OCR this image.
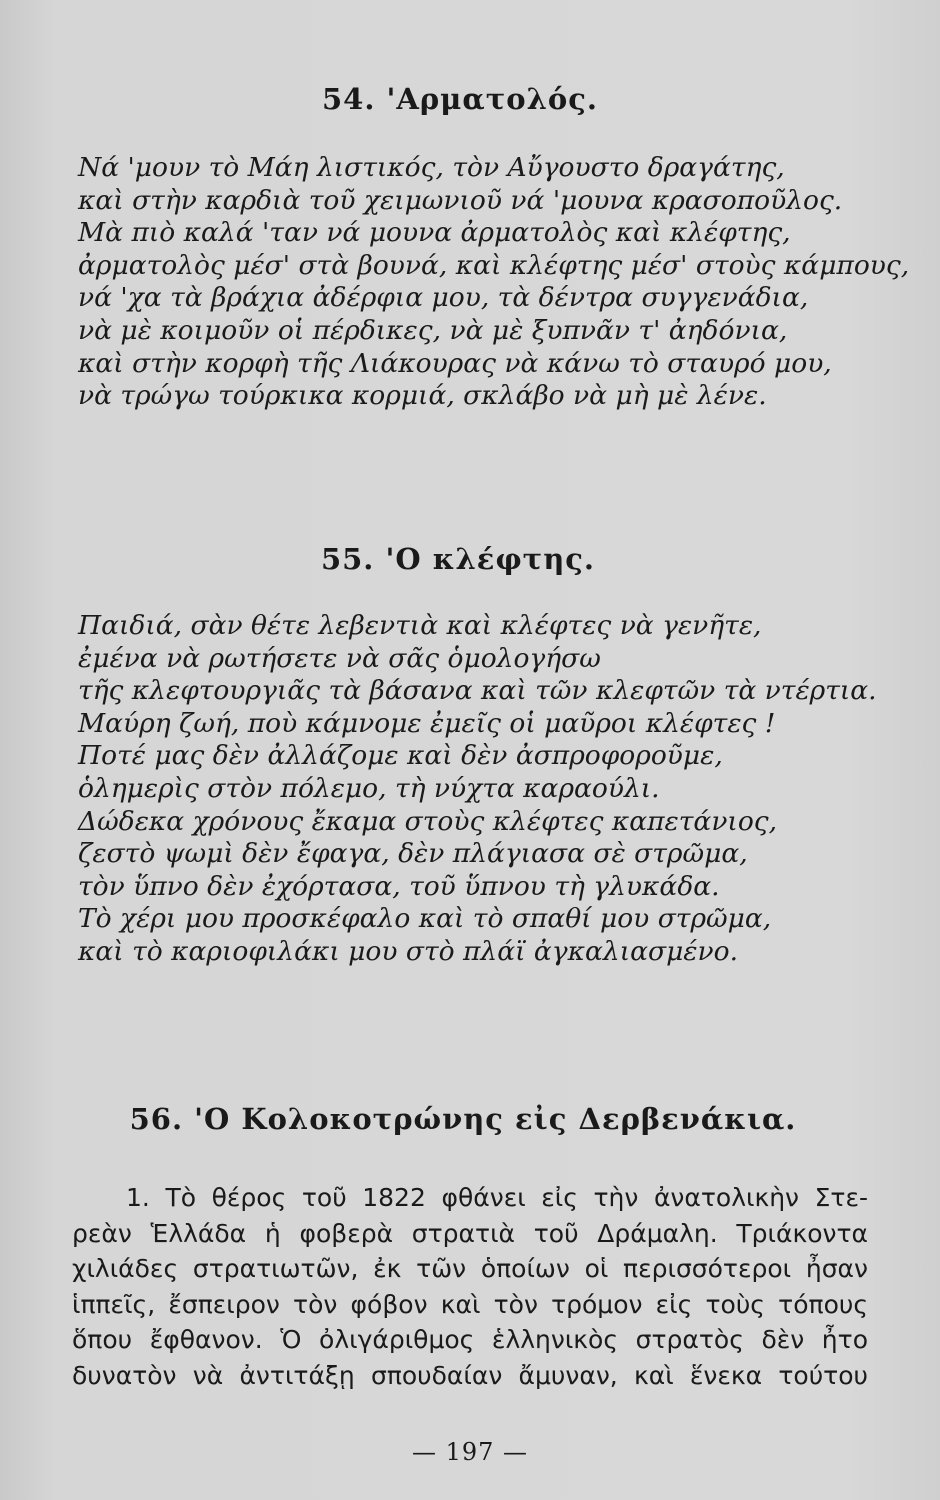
54. 'Αρματολός.
Νά 'μουν τὸ Μάη λιστικός, τὸν Αὔγουστο δραγάτης,
καὶ στὴν καρδιὰ τοῦ χειμωνιοῦ νά 'μουνα κρασοποῦλος.
Μὰ πιὸ καλά 'ταν νά μουνα ἀρματολὸς καὶ κλέφτης,
ἀρματολὸς μέσ' στὰ βουνά, καὶ κλέφτης μέσ' στοὺς κάμπους,
νά 'χα τὰ βράχια ἀδέρφια μου, τὰ δέντρα συγγενάδια,
νὰ μὲ κοιμοῦν οἱ πέρδικες, νὰ μὲ ξυπνᾶν τ' ἀηδόνια,
καὶ στὴν κορφὴ τῆς Λιάκουρας νὰ κάνω τὸ σταυρό μου,
νὰ τρώγω τούρκικα κορμιά, σκλάβο νὰ μὴ μὲ λένε.
55. 'Ο κλέφτης.
Παιδιά, σὰν θέτε λεβεντιὰ καὶ κλέφτες νὰ γενῆτε,
ἐμένα νὰ ρωτήσετε νὰ σᾶς ὁμολογήσω
τῆς κλεφτουργιᾶς τὰ βάσανα καὶ τῶν κλεφτῶν τὰ ντέρτια.
Μαύρη ζωή, ποὺ κάμνομε ἐμεῖς οἱ μαῦροι κλέφτες !
Ποτέ μας δὲν ἀλλάζομε καὶ δὲν ἀσπροφοροῦμε,
ὁλημερὶς στὸν πόλεμο, τὴ νύχτα καραούλι.
Δώδεκα χρόνους ἔκαμα στοὺς κλέφτες καπετάνιος,
ζεστὸ ψωμὶ δὲν ἔφαγα, δὲν πλάγιασα σὲ στρῶμα,
τὸν ὕπνο δὲν ἐχόρτασα, τοῦ ὕπνου τὴ γλυκάδα.
Τὸ χέρι μου προσκέφαλο καὶ τὸ σπαθί μου στρῶμα,
καὶ τὸ καριοφιλάκι μου στὸ πλάϊ ἀγκαλιασμένο.
56. 'Ο Κολοκοτρώνης εἰς Δερβενάκια.
1. Τὸ θέρος τοῦ 1822 φθάνει εἰς τὴν ἀνατολικὴν Στε-
ρεὰν Ἑλλάδα ἡ φοβερὰ στρατιὰ τοῦ Δράμαλη. Τριάκοντα
χιλιάδες στρατιωτῶν, ἐκ τῶν ὁποίων οἱ περισσότεροι ἦσαν
ἱππεῖς, ἔσπειρον τὸν φόβον καὶ τὸν τρόμον εἰς τοὺς τόπους
ὅπου ἔφθανον. Ὁ ὀλιγάριθμος ἑλληνικὸς στρατὸς δὲν ἦτο
δυνατὸν νὰ ἀντιτάξῃ σπουδαίαν ἄμυναν, καὶ ἕνεκα τούτου
— 197 —
